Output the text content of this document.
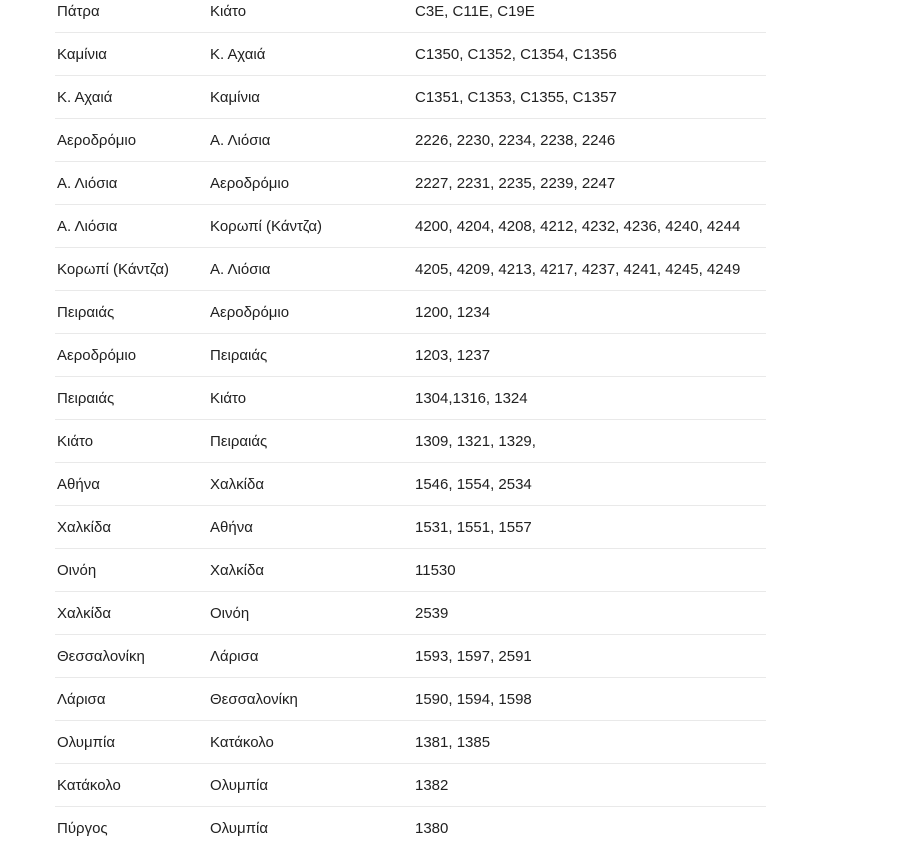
Πάτρα	Κιάτο	C3E, C11E, C19E
Καμίνια	Κ. Αχαιά	C1350, C1352, C1354, C1356
Κ. Αχαιά	Καμίνια	C1351, C1353, C1355, C1357
Αεροδρόμιο	Α. Λιόσια	2226, 2230, 2234, 2238, 2246
Α. Λιόσια	Αεροδρόμιο	2227, 2231, 2235, 2239, 2247
Α. Λιόσια	Κορωπί (Κάντζα)	4200, 4204, 4208, 4212, 4232, 4236, 4240, 4244
Κορωπί (Κάντζα)	Α. Λιόσια	4205, 4209, 4213, 4217, 4237, 4241, 4245, 4249
Πειραιάς	Αεροδρόμιο	1200, 1234
Αεροδρόμιο	Πειραιάς	1203, 1237
Πειραιάς	Κιάτο	1304,1316, 1324
Κιάτο	Πειραιάς	1309, 1321, 1329,
Αθήνα	Χαλκίδα	1546, 1554, 2534
Χαλκίδα	Αθήνα	1531, 1551, 1557
Οινόη	Χαλκίδα	11530
Χαλκίδα	Οινόη	2539
Θεσσαλονίκη	Λάρισα	1593, 1597, 2591
Λάρισα	Θεσσαλονίκη	1590, 1594, 1598
Ολυμπία	Κατάκολο	1381, 1385
Κατάκολο	Ολυμπία	1382
Πύργος	Ολυμπία	1380
